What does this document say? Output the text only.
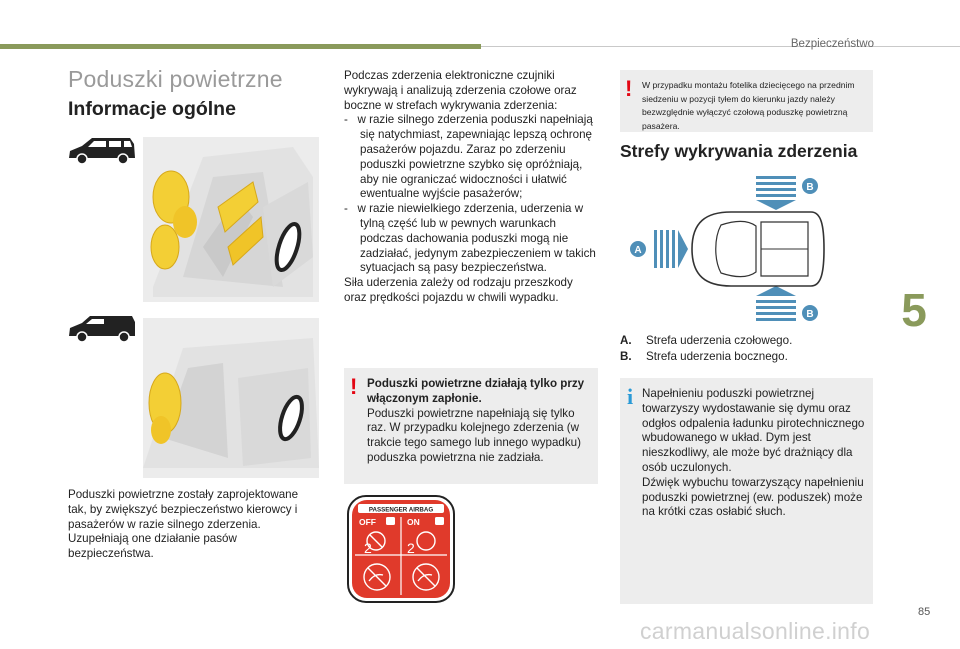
Bezpieczeństwo
Poduszki powietrzne
Informacje ogólne
Poduszki powietrzne zostały zaprojektowane tak, by zwiększyć bezpieczeństwo kierowcy i pasażerów w razie silnego zderzenia. Uzupełniają one działanie pasów bezpieczeństwa.
Podczas zderzenia elektroniczne czujniki wykrywają i analizują zderzenia czołowe oraz boczne w strefach wykrywania zderzenia:
-   w razie silnego zderzenia poduszki napełniają się natychmiast, zapewniając lepszą ochronę pasażerów pojazdu. Zaraz po zderzeniu poduszki powietrzne szybko się opróżniają, aby nie ograniczać widoczności i ułatwić ewentualne wyjście pasażerów;
-   w razie niewielkiego zderzenia, uderzenia w tylną część lub w pewnych warunkach podczas dachowania poduszki mogą nie zadziałać, jedynym zabezpieczeniem w takich sytuacjach są pasy bezpieczeństwa.
Siła uderzenia zależy od rodzaju przeszkody oraz prędkości pojazdu w chwili wypadku.
! Poduszki powietrzne działają tylko przy włączonym zapłonie.
Poduszki powietrzne napełniają się tylko raz. W przypadku kolejnego zderzenia (w trakcie tego samego lub innego wypadku) poduszka powietrzna nie zadziała.
PASSENGER AIRBAG
OFF	ON
2	2
! W przypadku montażu fotelika dziecięcego na przednim siedzeniu w pozycji tyłem do kierunku jazdy należy bezwzględnie wyłączyć czołową poduszkę powietrzną pasażera.
Strefy wykrywania zderzenia
B
B
A
A. Strefa uderzenia czołowego.
B. Strefa uderzenia bocznego.
i Napełnieniu poduszki powietrznej towarzyszy wydostawanie się dymu oraz odgłos odpalenia ładunku pirotechnicznego wbudowanego w układ. Dym jest nieszkodliwy, ale może być drażniący dla osób uczulonych.
Dźwięk wybuchu towarzyszący napełnieniu poduszki powietrznej (ew. poduszek) może na krótki czas osłabić słuch.
5
85
carmanualsonline.info
